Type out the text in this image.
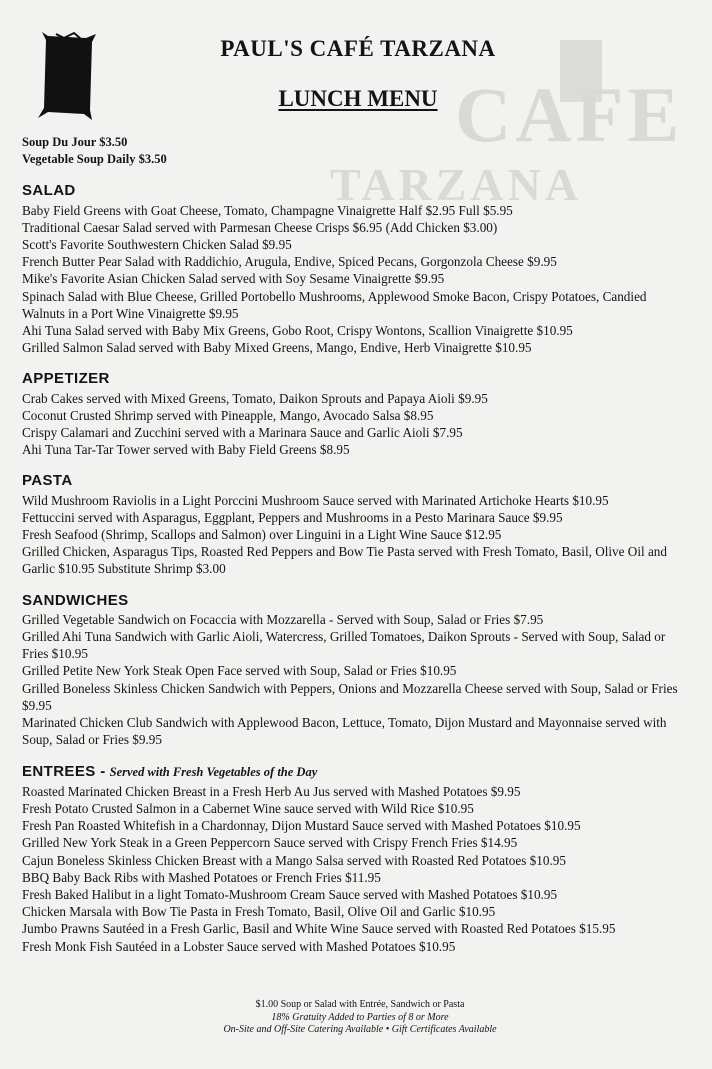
CAFE
TARZANA
PAUL'S CAFÉ TARZANA
LUNCH MENU
Soup Du Jour $3.50
Vegetable Soup Daily $3.50
SALAD
Baby Field Greens with Goat Cheese, Tomato, Champagne Vinaigrette Half $2.95 Full $5.95
Traditional Caesar Salad served with Parmesan Cheese Crisps $6.95 (Add Chicken $3.00)
Scott's Favorite Southwestern Chicken Salad $9.95
French Butter Pear Salad with Raddichio, Arugula, Endive, Spiced Pecans, Gorgonzola Cheese $9.95
Mike's Favorite Asian Chicken Salad served with Soy Sesame Vinaigrette $9.95
Spinach Salad with Blue Cheese, Grilled Portobello Mushrooms, Applewood Smoke Bacon, Crispy Potatoes, Candied Walnuts in a Port Wine Vinaigrette $9.95
Ahi Tuna Salad served with Baby Mix Greens, Gobo Root, Crispy Wontons, Scallion Vinaigrette $10.95
Grilled Salmon Salad served with Baby Mixed Greens, Mango, Endive, Herb Vinaigrette $10.95
APPETIZER
Crab Cakes served with Mixed Greens, Tomato, Daikon Sprouts and Papaya Aioli $9.95
Coconut Crusted Shrimp served with Pineapple, Mango, Avocado Salsa $8.95
Crispy Calamari and Zucchini served with a Marinara Sauce and Garlic Aioli $7.95
Ahi Tuna Tar-Tar Tower served with Baby Field Greens $8.95
PASTA
Wild Mushroom Raviolis in a Light Porccini Mushroom Sauce served with Marinated Artichoke Hearts $10.95
Fettuccini served with Asparagus, Eggplant, Peppers and Mushrooms in a Pesto Marinara Sauce $9.95
Fresh Seafood (Shrimp, Scallops and Salmon) over Linguini in a Light Wine Sauce $12.95
Grilled Chicken, Asparagus Tips, Roasted Red Peppers and Bow Tie Pasta served with Fresh Tomato, Basil, Olive Oil and Garlic $10.95 Substitute Shrimp $3.00
SANDWICHES
Grilled Vegetable Sandwich on Focaccia with Mozzarella - Served with Soup, Salad or Fries $7.95
Grilled Ahi Tuna Sandwich with Garlic Aioli, Watercress, Grilled Tomatoes, Daikon Sprouts - Served with Soup, Salad or Fries $10.95
Grilled Petite New York Steak Open Face served with Soup, Salad or Fries $10.95
Grilled Boneless Skinless Chicken Sandwich with Peppers, Onions and Mozzarella Cheese served with Soup, Salad or Fries $9.95
Marinated Chicken Club Sandwich with Applewood Bacon, Lettuce, Tomato, Dijon Mustard and Mayonnaise served with Soup, Salad or Fries $9.95
ENTREES - Served with Fresh Vegetables of the Day
Roasted Marinated Chicken Breast in a Fresh Herb Au Jus served with Mashed Potatoes $9.95
Fresh Potato Crusted Salmon in a Cabernet Wine sauce served with Wild Rice $10.95
Fresh Pan Roasted Whitefish in a Chardonnay, Dijon Mustard Sauce served with Mashed Potatoes $10.95
Grilled New York Steak in a Green Peppercorn Sauce served with Crispy French Fries $14.95
Cajun Boneless Skinless Chicken Breast with a Mango Salsa served with Roasted Red Potatoes $10.95
BBQ Baby Back Ribs with Mashed Potatoes or French Fries $11.95
Fresh Baked Halibut in a light Tomato-Mushroom Cream Sauce served with Mashed Potatoes $10.95
Chicken Marsala with Bow Tie Pasta in Fresh Tomato, Basil, Olive Oil and Garlic $10.95
Jumbo Prawns Sautéed in a Fresh Garlic, Basil and White Wine Sauce served with Roasted Red Potatoes $15.95
Fresh Monk Fish Sautéed in a Lobster Sauce served with Mashed Potatoes $10.95
$1.00 Soup or Salad with Entrée, Sandwich or Pasta
18% Gratuity Added to Parties of 8 or More
On-Site and Off-Site Catering Available • Gift Certificates Available
